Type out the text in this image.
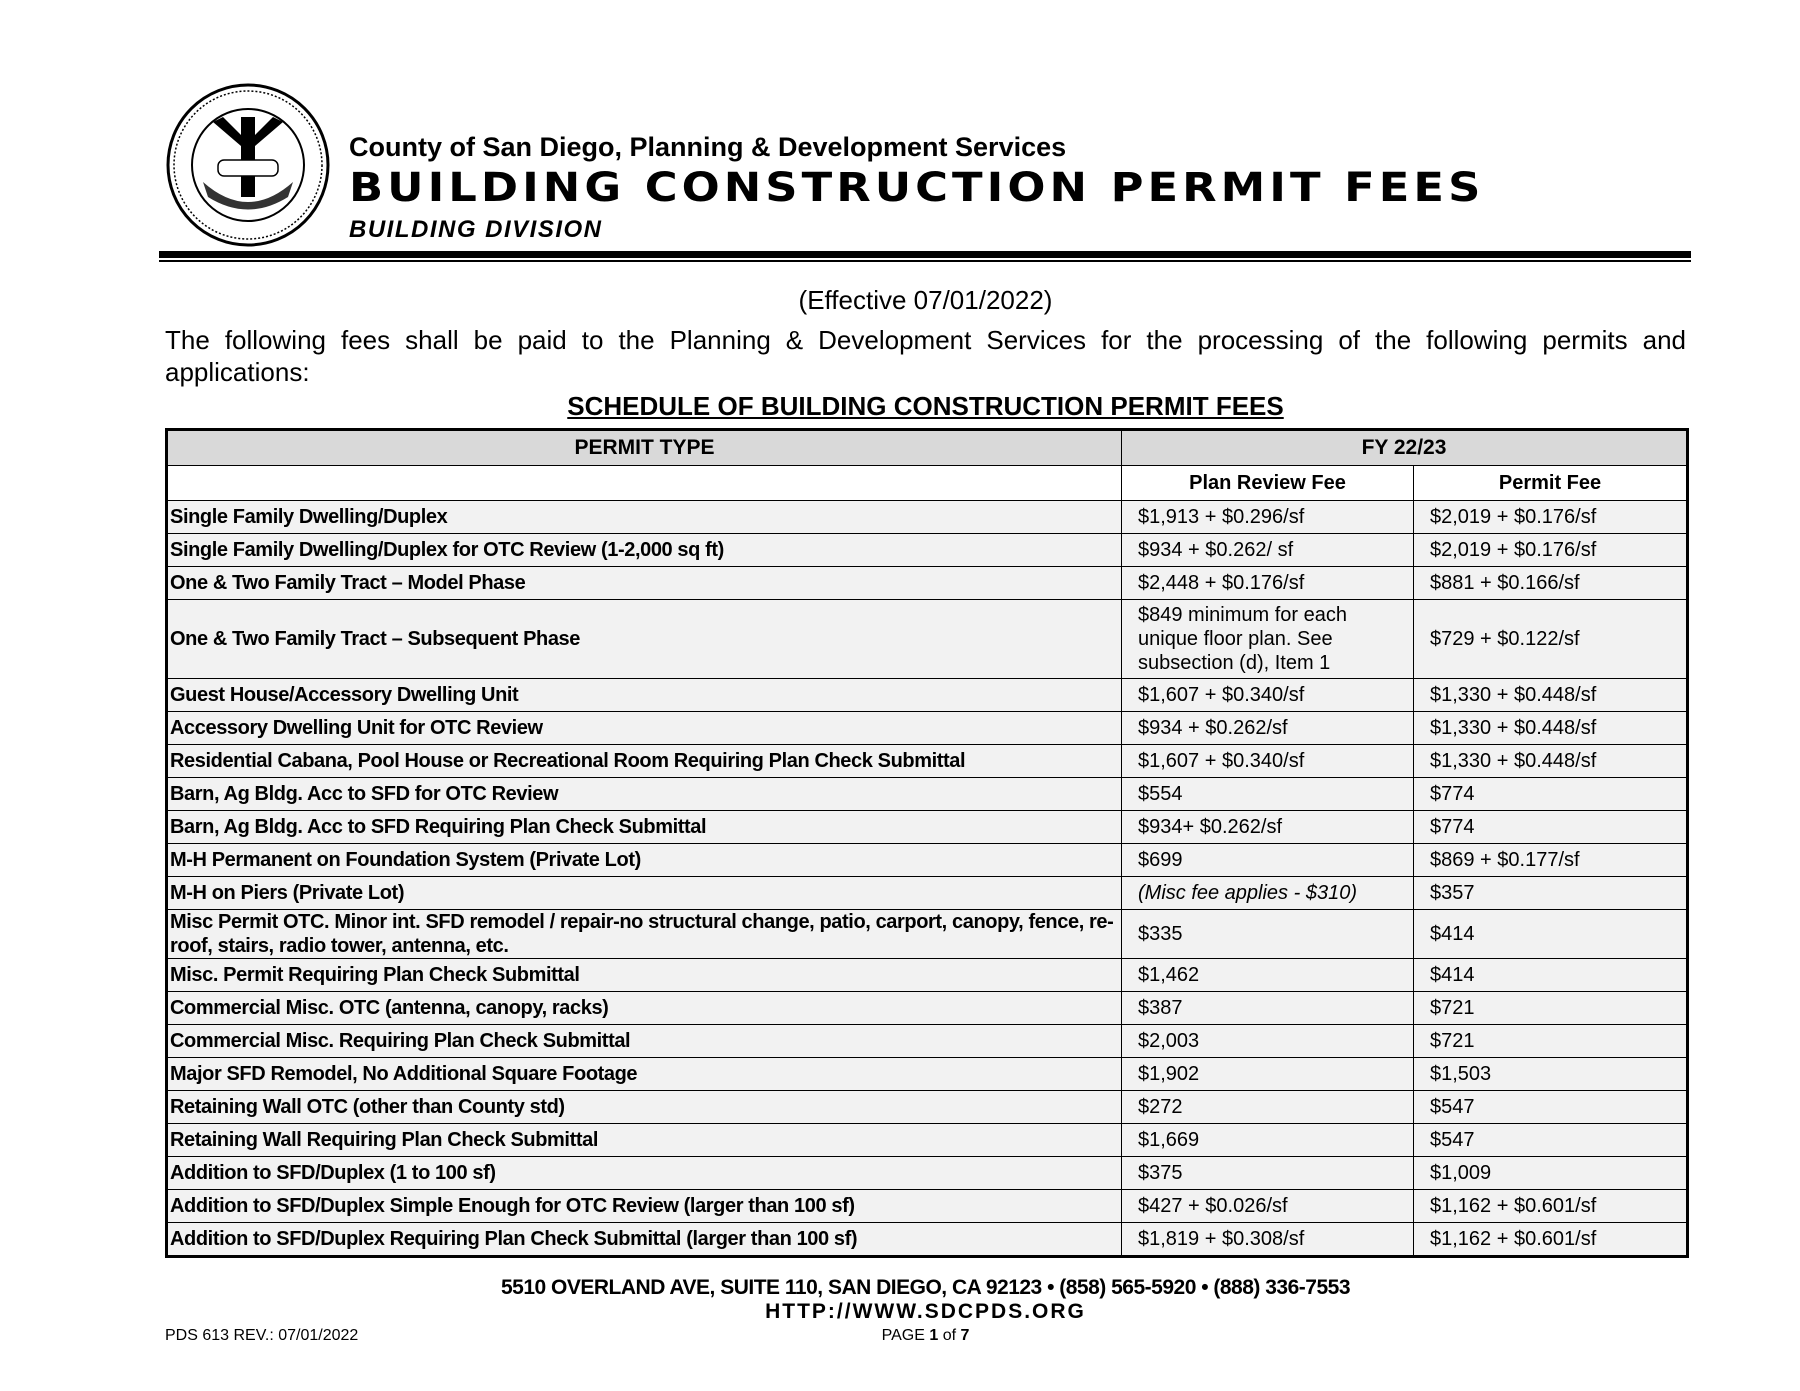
County of San Diego, Planning & Development Services
BUILDING CONSTRUCTION PERMIT FEES
BUILDING DIVISION
(Effective 07/01/2022)

The following fees shall be paid to the Planning & Development Services for the processing of the following permits and applications:

SCHEDULE OF BUILDING CONSTRUCTION PERMIT FEES
PERMIT TYPE	FY 22/23	
	Plan Review Fee	Permit Fee
Single Family Dwelling/Duplex	$1,913 + $0.296/sf	$2,019 + $0.176/sf
Single Family Dwelling/Duplex for OTC Review (1-2,000 sq ft)	$934 + $0.262/ sf	$2,019 + $0.176/sf
One & Two Family Tract – Model Phase	$2,448 + $0.176/sf	$881 + $0.166/sf
One & Two Family Tract – Subsequent Phase	$849 minimum for each unique floor plan. See subsection (d), Item 1	$729 + $0.122/sf
Guest House/Accessory Dwelling Unit	$1,607 + $0.340/sf	$1,330 + $0.448/sf
Accessory Dwelling Unit for OTC Review	$934 + $0.262/sf	$1,330 + $0.448/sf
Residential Cabana, Pool House or Recreational Room Requiring Plan Check Submittal	$1,607 + $0.340/sf	$1,330 + $0.448/sf
Barn, Ag Bldg. Acc to SFD for OTC Review	$554	$774
Barn, Ag Bldg. Acc to SFD Requiring Plan Check Submittal	$934+ $0.262/sf	$774
M-H Permanent on Foundation System (Private Lot)	$699	$869 + $0.177/sf
M-H on Piers (Private Lot)	(Misc fee applies - $310)	$357
Misc Permit OTC. Minor int. SFD remodel / repair-no structural change, patio, carport, canopy, fence, re-roof, stairs, radio tower, antenna, etc.	$335	$414
Misc. Permit Requiring Plan Check Submittal	$1,462	$414
Commercial Misc. OTC (antenna, canopy, racks)	$387	$721
Commercial Misc. Requiring Plan Check Submittal	$2,003	$721
Major SFD Remodel, No Additional Square Footage	$1,902	$1,503
Retaining Wall OTC (other than County std)	$272	$547
Retaining Wall Requiring Plan Check Submittal	$1,669	$547
Addition to SFD/Duplex (1 to 100 sf)	$375	$1,009
Addition to SFD/Duplex Simple Enough for OTC Review (larger than 100 sf)	$427 + $0.026/sf	$1,162 + $0.601/sf
Addition to SFD/Duplex Requiring Plan Check Submittal (larger than 100 sf)	$1,819 + $0.308/sf	$1,162 + $0.601/sf
5510 OVERLAND AVE, SUITE 110, SAN DIEGO, CA 92123 • (858) 565-5920 • (888) 336-7553
HTTP://WWW.SDCPDS.ORG
PAGE 1 of 7
PDS 613 REV.: 07/01/2022
